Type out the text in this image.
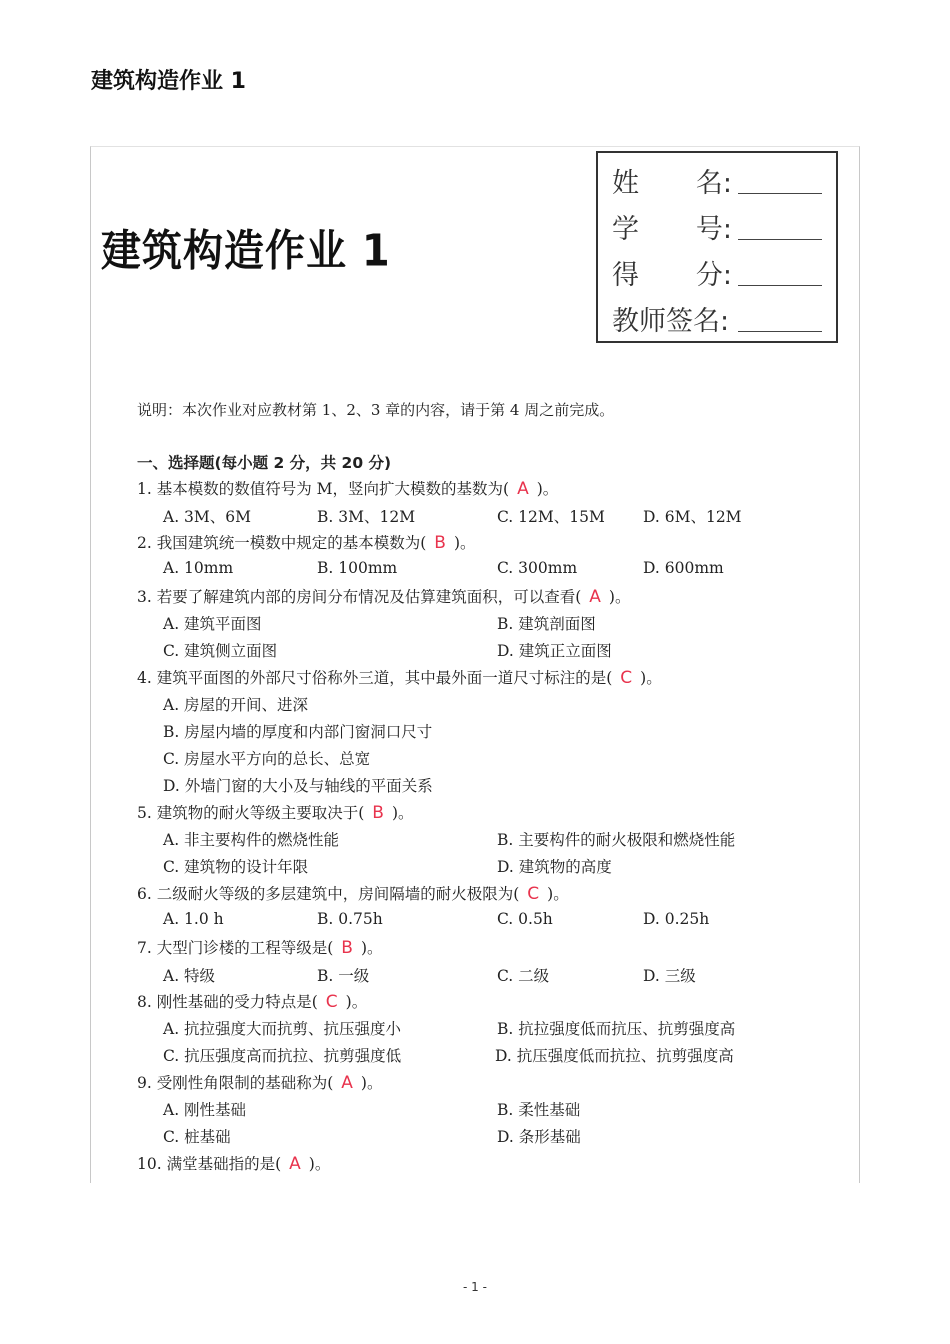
建筑构造作业 1
建筑构造作业 1
姓 名:
学 号:
得 分:
教师签名:
说明：本次作业对应教材第 1、2、3 章的内容，请于第 4 周之前完成。
一、选择题(每小题 2 分，共 20 分)
1. 基本模数的数值符号为 M，竖向扩大模数的基数为( A )。
A. 3M、6M	B. 3M、12M	C. 12M、15M D. 6M、12M
2. 我国建筑统一模数中规定的基本模数为( B )。
A. 10mm	B. 100mm	C. 300mm	D. 600mm
3. 若要了解建筑内部的房间分布情况及估算建筑面积，可以查看( A )。
A. 建筑平面图	B. 建筑剖面图
C. 建筑侧立面图	D. 建筑正立面图
4. 建筑平面图的外部尺寸俗称外三道，其中最外面一道尺寸标注的是( C )。
A. 房屋的开间、进深
B. 房屋内墙的厚度和内部门窗洞口尺寸
C. 房屋水平方向的总长、总宽
D. 外墙门窗的大小及与轴线的平面关系
5. 建筑物的耐火等级主要取决于( B )。
A. 非主要构件的燃烧性能	B. 主要构件的耐火极限和燃烧性能
C. 建筑物的设计年限	D. 建筑物的高度
6. 二级耐火等级的多层建筑中，房间隔墙的耐火极限为( C )。
A. 1.0 h	B. 0.75h	C. 0.5h	D. 0.25h
7. 大型门诊楼的工程等级是( B )。
A. 特级	B. 一级	C. 二级	D. 三级
8. 刚性基础的受力特点是( C )。
A. 抗拉强度大而抗剪、抗压强度小	B. 抗拉强度低而抗压、抗剪强度高
C. 抗压强度高而抗拉、抗剪强度低	D. 抗压强度低而抗拉、抗剪强度高
9. 受刚性角限制的基础称为( A )。
A. 刚性基础	B. 柔性基础
C. 桩基础	D. 条形基础
10. 满堂基础指的是( A )。
- 1 -
